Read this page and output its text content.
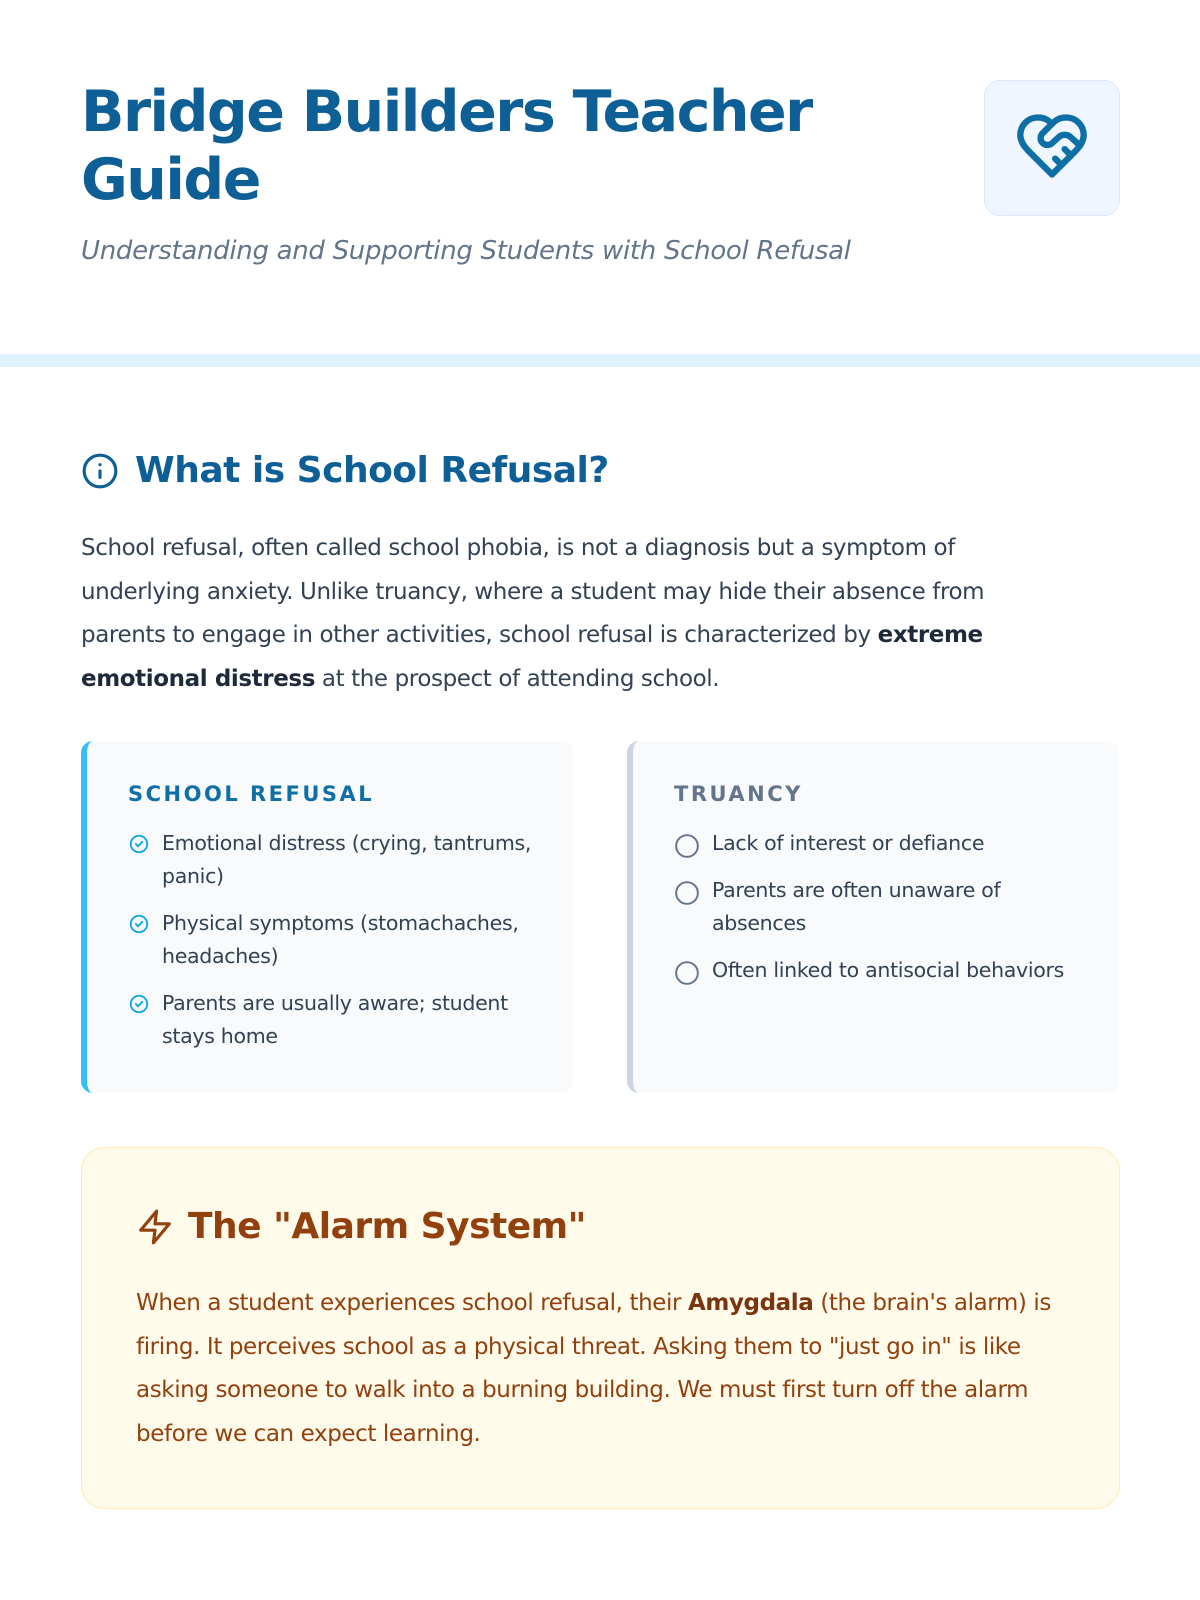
Bridge Builders Teacher Guide

Understanding and Supporting Students with School Refusal

What is School Refusal?

School refusal, often called school phobia, is not a diagnosis but a symptom of underlying anxiety. Unlike truancy, where a student may hide their absence from parents to engage in other activities, school refusal is characterized by extreme emotional distress at the prospect of attending school.

SCHOOL REFUSAL
Emotional distress (crying, tantrums, panic)
Physical symptoms (stomachaches, headaches)
Parents are usually aware; student stays home
TRUANCY
Lack of interest or defiance
Parents are often unaware of absences
Often linked to antisocial behaviors
The "Alarm System"

When a student experiences school refusal, their Amygdala (the brain's alarm) is firing. It perceives school as a physical threat. Asking them to "just go in" is like asking someone to walk into a burning building. We must first turn off the alarm before we can expect learning.
